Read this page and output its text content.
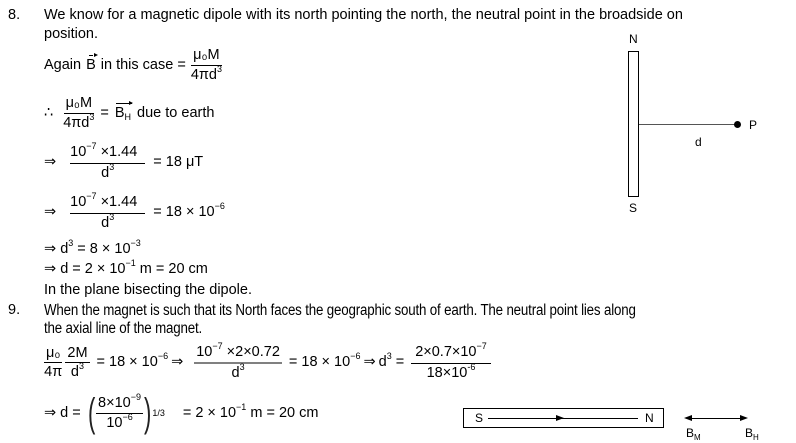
8. We know for a magnetic dipole with its north pointing the north, the neutral point in the broadside on
position.
Again B in this case = $\frac{\text{μ₀M}}{4\pi d^3}$
∴ $\frac{\text{μ₀M}}{4\pi d^3} = B_H$ due to earth
⇒ $\frac{10^{-7} \times 1.44}{d^3} = 18$ μT
⇒ $\frac{10^{-7} \times 1.44}{d^3} = 18 \times 10^{-6}$
⇒ $d^3 = 8 \times 10^{-3}$
⇒ $d = 2 \times 10^{-1}$ m = 20 cm
In the plane bisecting the dipole.
N
S
P
d
9. When the magnet is such that its North faces the geographic south of earth. The neutral point lies along
the axial line of the magnet.
$\frac{\text{μ₀}}{4\pi} \frac{2M}{d^3} = 18 \times 10^{-6}$ ⇒ $\frac{10^{-7} \times 2\times 0.72}{d^3} = 18 \times 10^{-6}$ ⇒ $d^3 = \frac{2\times 0.7\times 10^{-7}}{18\times 10^{-6}}$
⇒ d = ( $\frac{8\times 10^{-9}}{10^{-6}}$ ) $1/3 = 2 \times 10^{-1}$ m = 20 cm	S	N
$B_M$	$B_H$
